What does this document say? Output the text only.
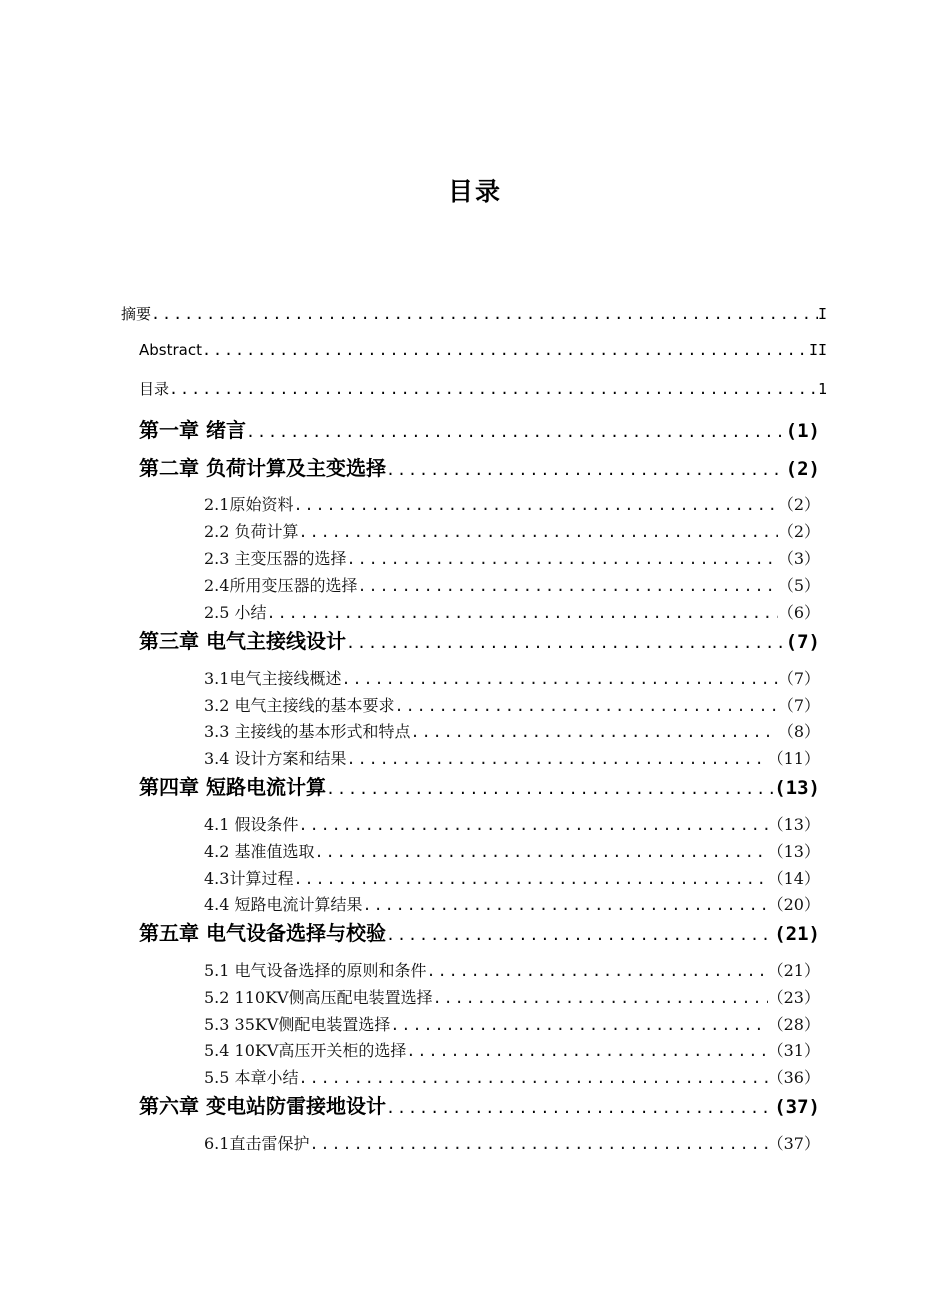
目录
摘要 .....	I
Abstract .....	II
目录 .....	1
第一章 绪言 .....	(1)
第二章 负荷计算及主变选择 .....	(2)
2.1原始资料 .....	（2）
2.2 负荷计算 .....	（2）
2.3 主变压器的选择 .....	（3）
2.4所用变压器的选择 .....	（5）
2.5 小结 .....	（6）
第三章 电气主接线设计 .....	(7)
3.1电气主接线概述 .....	（7）
3.2 电气主接线的基本要求 .....	（7）
3.3 主接线的基本形式和特点 .....	（8）
3.4 设计方案和结果 .....	（11）
第四章 短路电流计算 .....	(13)
4.1 假设条件 .....	（13）
4.2 基准值选取 .....	（13）
4.3计算过程 .....	（14）
4.4 短路电流计算结果 .....	（20）
第五章 电气设备选择与校验 .....	(21)
5.1 电气设备选择的原则和条件 .....	（21）
5.2 110KV侧高压配电装置选择 .....	（23）
5.3 35KV侧配电装置选择 .....	（28）
5.4 10KV高压开关柜的选择 .....	（31）
5.5 本章小结 .....	（36）
第六章 变电站防雷接地设计 .....	(37)
6.1直击雷保护 .....	（37）
